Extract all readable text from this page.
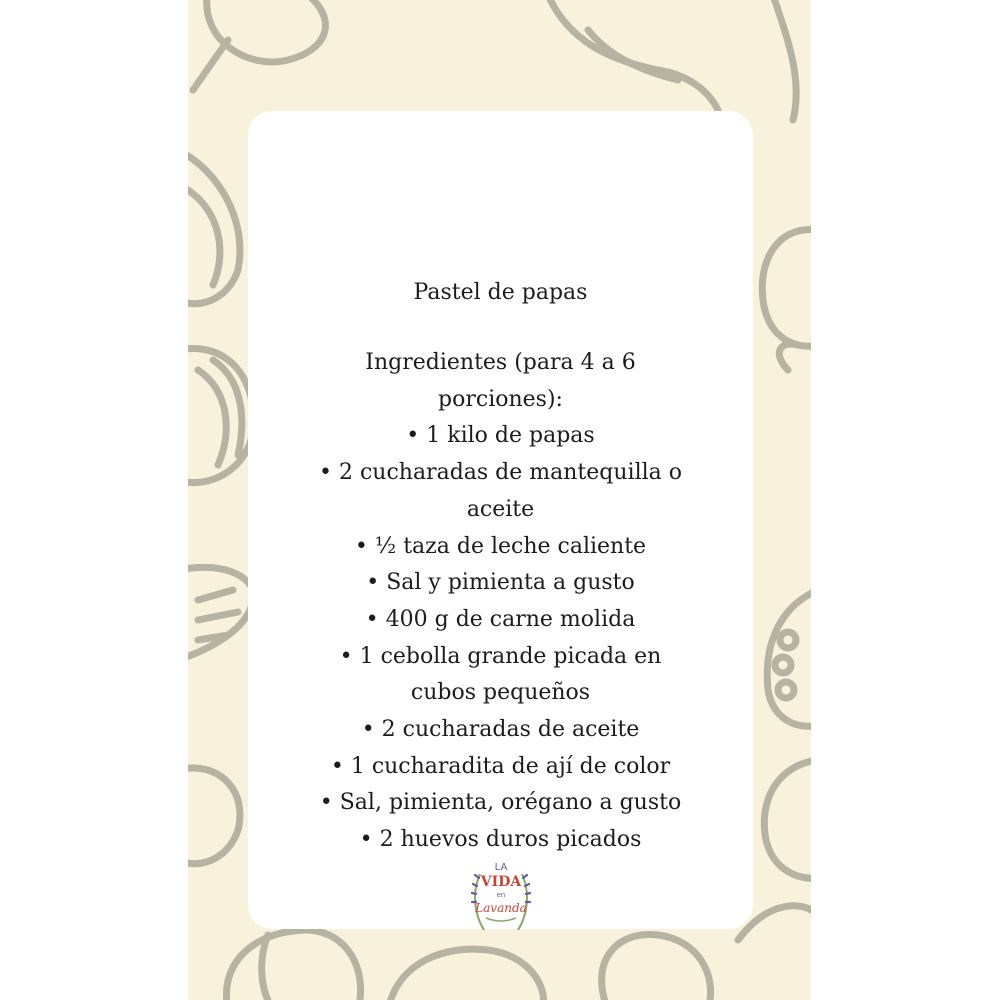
Pastel de papas

Ingredientes (para 4 a 6 porciones):

• 1 kilo de papas

• 2 cucharadas de mantequilla o aceite

• ½ taza de leche caliente

• Sal y pimienta a gusto

• 400 g de carne molida

• 1 cebolla grande picada en cubos pequeños

• 2 cucharadas de aceite

• 1 cucharadita de ají de color

• Sal, pimienta, orégano a gusto

• 2 huevos duros picados

LA
VIDA
en
Lavanda
